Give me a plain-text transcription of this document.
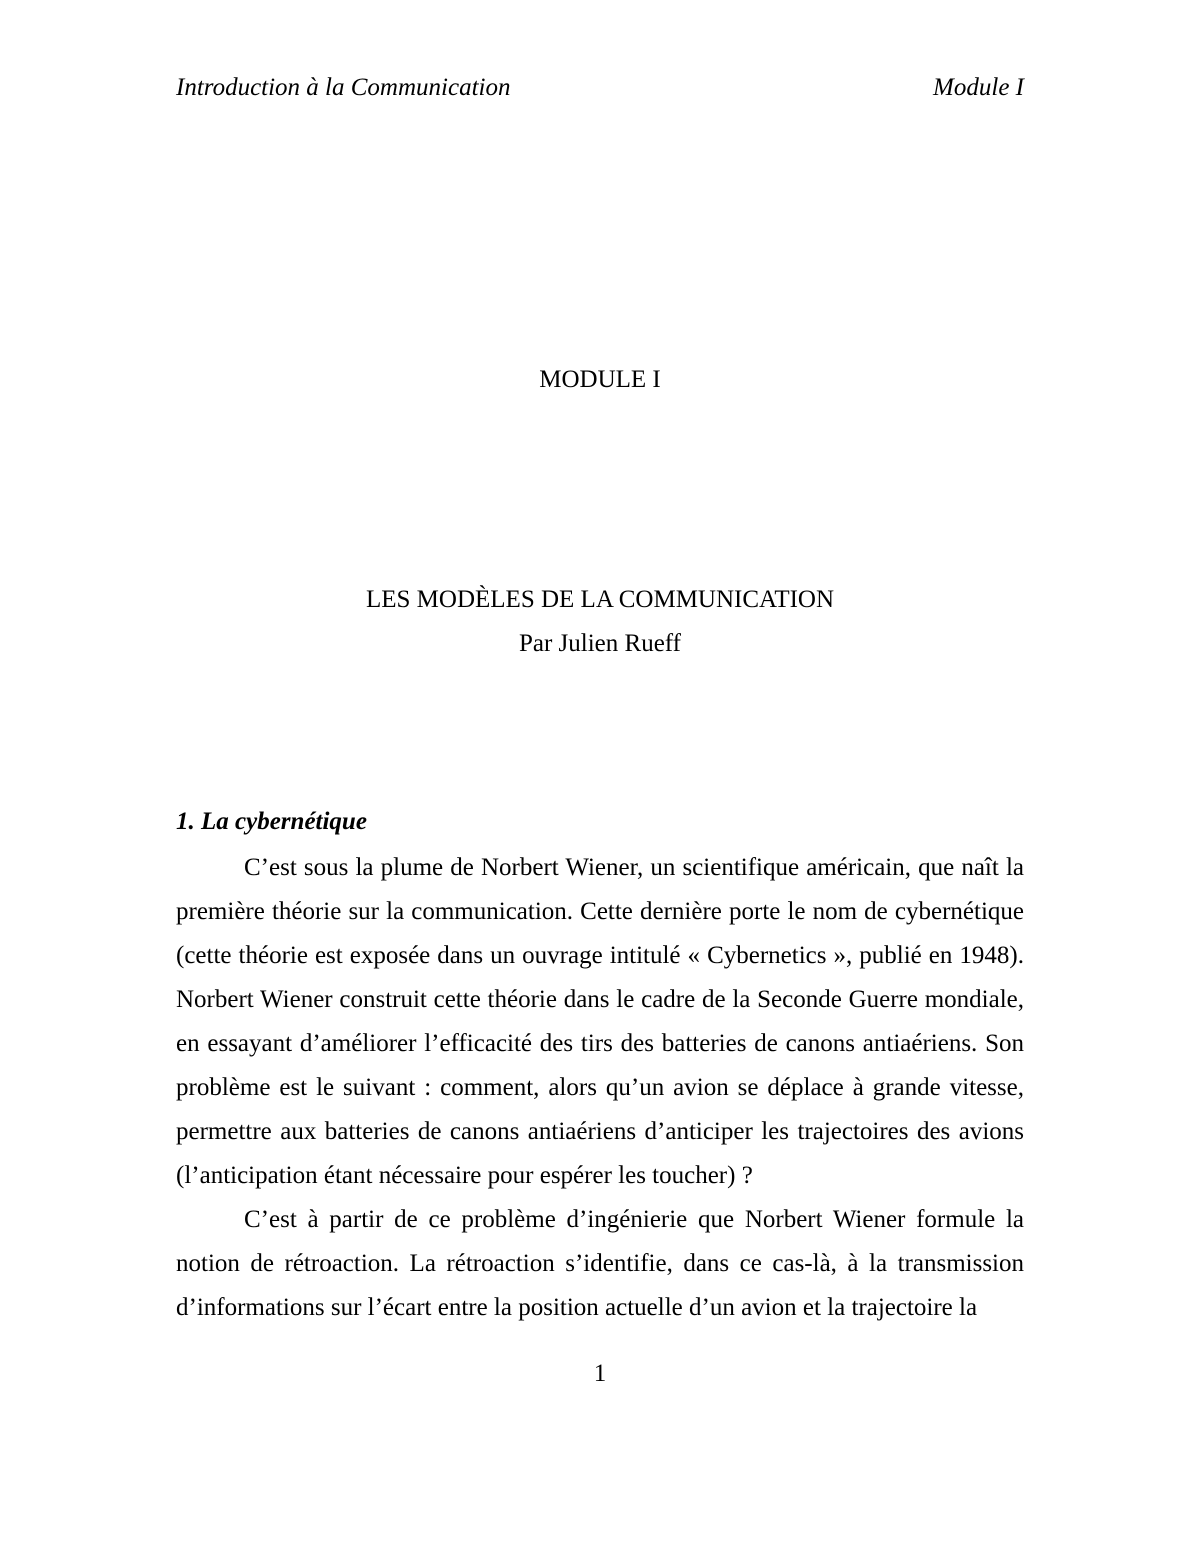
Introduction à la Communication	Module I
MODULE I
LES MODÈLES DE LA COMMUNICATION
Par Julien Rueff
1. La cybernétique

C’est sous la plume de Norbert Wiener, un scientifique américain, que naît la première théorie sur la communication. Cette dernière porte le nom de cybernétique (cette théorie est exposée dans un ouvrage intitulé « Cybernetics », publié en 1948). Norbert Wiener construit cette théorie dans le cadre de la Seconde Guerre mondiale, en essayant d’améliorer l’efficacité des tirs des batteries de canons antiaériens. Son problème est le suivant : comment, alors qu’un avion se déplace à grande vitesse, permettre aux batteries de canons antiaériens d’anticiper les trajectoires des avions (l’anticipation étant nécessaire pour espérer les toucher) ?

C’est à partir de ce problème d’ingénierie que Norbert Wiener formule la notion de rétroaction. La rétroaction s’identifie, dans ce cas-là, à la transmission d’informations sur l’écart entre la position actuelle d’un avion et la trajectoire la

1
